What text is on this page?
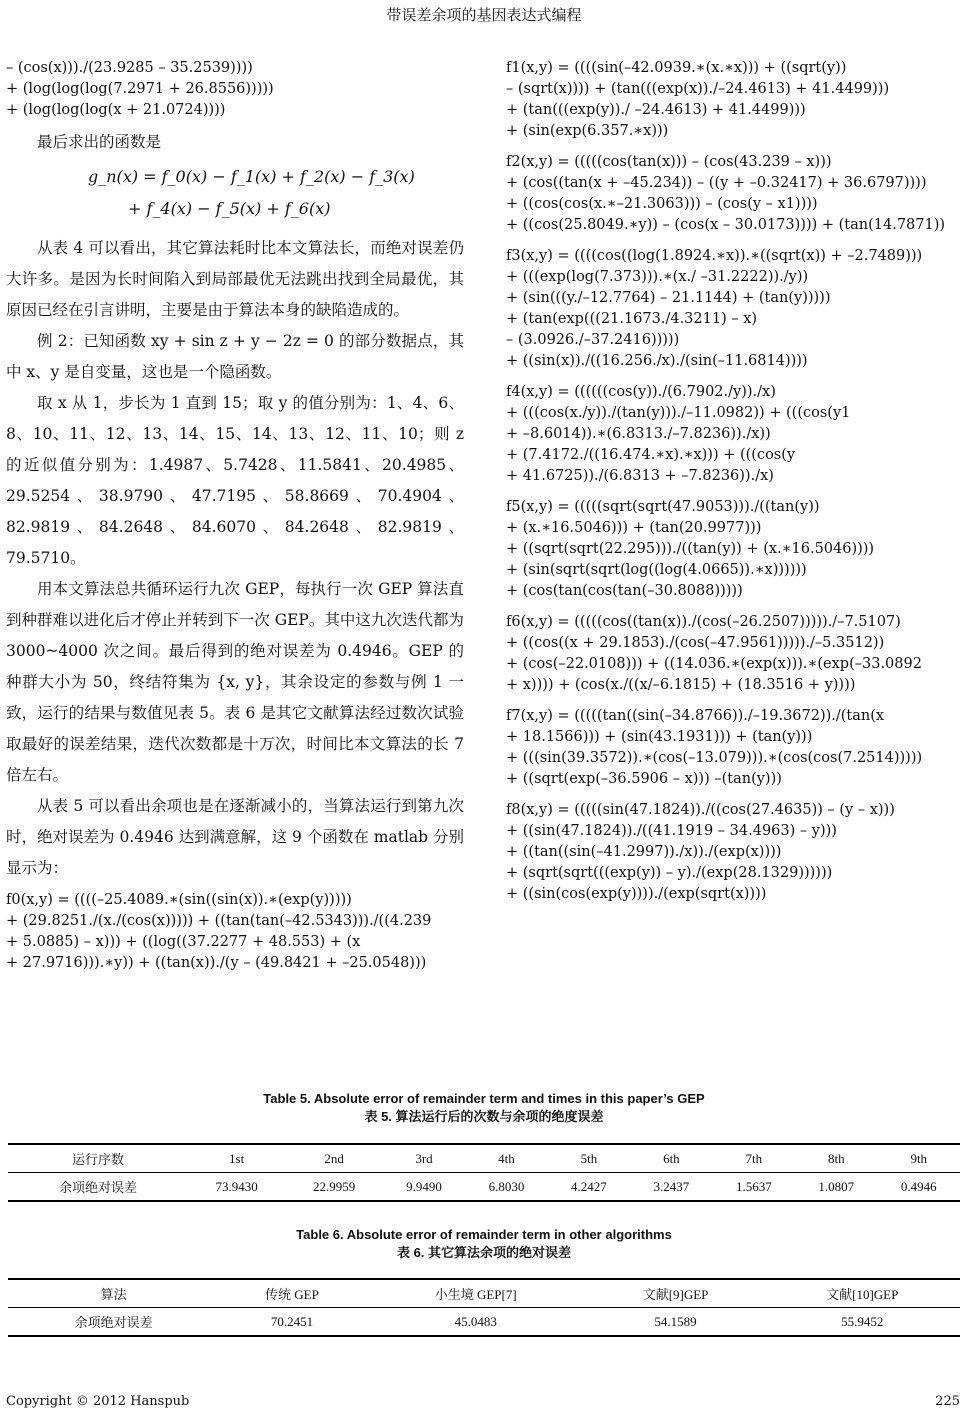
带误差余项的基因表达式编程
– (cos(x)))./(23.9285 – 35.2539))))
+ (log(log(log(7.2971 + 26.8556)))))
+ (log(log(log(x + 21.0724))))
最后求出的函数是
g_n(x) = f_0(x) − f_1(x) + f_2(x) − f_3(x)
+ f_4(x) − f_5(x) + f_6(x)

从表 4 可以看出，其它算法耗时比本文算法长，而绝对误差仍大许多。是因为长时间陷入到局部最优无法跳出找到全局最优，其原因已经在引言讲明，主要是由于算法本身的缺陷造成的。

例 2：已知函数 xy + sin z + y − 2z = 0 的部分数据点，其中 x、y 是自变量，这也是一个隐函数。

取 x 从 1，步长为 1 直到 15；取 y 的值分别为：1、4、6、8、10、11、12、13、14、15、14、13、12、11、10；则 z 的近似值分别为：1.4987、5.7428、11.5841、20.4985、29.5254、38.9790、47.7195、58.8669、70.4904、82.9819、84.2648、84.6070、84.2648、82.9819、79.5710。

用本文算法总共循环运行九次 GEP，每执行一次 GEP 算法直到种群难以进化后才停止并转到下一次 GEP。其中这九次迭代都为 3000~4000 次之间。最后得到的绝对误差为 0.4946。GEP 的种群大小为 50，终结符集为 {x, y}，其余设定的参数与例 1 一致，运行的结果与数值见表 5。表 6 是其它文献算法经过数次试验取最好的误差结果，迭代次数都是十万次，时间比本文算法的长 7 倍左右。

从表 5 可以看出余项也是在逐渐减小的，当算法运行到第九次时，绝对误差为 0.4946 达到满意解，这 9 个函数在 matlab 分别显示为：

f0(x,y) = ((((–25.4089.∗(sin((sin(x)).∗(exp(y)))))
+ (29.8251./(x./(cos(x))))) + ((tan(tan(–42.5343)))./((4.239
+ 5.0885) – x))) + ((log((37.2277 + 48.553) + (x
+ 27.9716))).∗y)) + ((tan(x))./(y – (49.8421 + –25.0548)))
f1(x,y) = ((((sin(–42.0939.∗(x.∗x))) + ((sqrt(y))
– (sqrt(x)))) + (tan(((exp(x))./–24.4613) + 41.4499)))
+ (tan(((exp(y))./ –24.4613) + 41.4499)))
+ (sin(exp(6.357.∗x)))
f2(x,y) = (((((cos(tan(x))) – (cos(43.239 – x)))
+ (cos((tan(x + –45.234)) – ((y + –0.32417) + 36.6797))))
+ ((cos(cos(x.∗–21.3063))) – (cos(y – x1))))
+ ((cos(25.8049.∗y)) – (cos(x – 30.0173)))) + (tan(14.7871))
f3(x,y) = ((((cos((log(1.8924.∗x)).∗((sqrt(x)) + –2.7489)))
+ (((exp(log(7.373))).∗(x./ –31.2222))./y))
+ (sin(((y./–12.7764) – 21.1144) + (tan(y)))))
+ (tan(exp(((21.1673./4.3211) – x)
– (3.0926./–37.2416)))))
+ ((sin(x))./((16.256./x)./(sin(–11.6814))))
f4(x,y) = ((((((cos(y))./(6.7902./y))./x)
+ (((cos(x./y))./(tan(y)))./–11.0982)) + (((cos(y1
+ –8.6014)).∗(6.8313./–7.8236))./x))
+ (7.4172./((16.474.∗x).∗x))) + (((cos(y
+ 41.6725))./(6.8313 + –7.8236))./x)
f5(x,y) = (((((sqrt(sqrt(47.9053)))./((tan(y))
+ (x.∗16.5046))) + (tan(20.9977)))
+ ((sqrt(sqrt(22.295)))./((tan(y)) + (x.∗16.5046))))
+ (sin(sqrt(sqrt(log((log(4.0665)).∗x))))))
+ (cos(tan(cos(tan(–30.8088)))))
f6(x,y) = (((((cos((tan(x))./(cos(–26.2507)))))./–7.5107)
+ ((cos((x + 29.1853)./(cos(–47.9561)))))./–5.3512))
+ (cos(–22.0108))) + ((14.036.∗(exp(x))).∗(exp(–33.0892
+ x)))) + (cos(x./((x/–6.1815) + (18.3516 + y))))
f7(x,y) = (((((tan((sin(–34.8766))./–19.3672))./(tan(x
+ 18.1566))) + (sin(43.1931))) + (tan(y)))
+ (((sin(39.3572)).∗(cos(–13.079))).∗(cos(cos(7.2514)))))
+ ((sqrt(exp(–36.5906 – x))) –(tan(y)))
f8(x,y) = (((((sin(47.1824))./((cos(27.4635)) – (y – x)))
+ ((sin(47.1824))./((41.1919 – 34.4963) – y)))
+ ((tan((sin(–41.2997))./x))./(exp(x))))
+ (sqrt(sqrt(((exp(y)) – y)./(exp(28.1329))))))
+ ((sin(cos(exp(y))))./(exp(sqrt(x))))
Table 5. Absolute error of remainder term and times in this paper’s GEP
表 5. 算法运行后的次数与余项的绝度误差
运行序数	1st	2nd	3rd	4th	5th	6th	7th	8th	9th
余项绝对误差	73.9430	22.9959	9.9490	6.8030	4.2427	3.2437	1.5637	1.0807	0.4946
Table 6. Absolute error of remainder term in other algorithms
表 6. 其它算法余项的绝对误差
算法	传统 GEP	小生境 GEP[7]	文献[9]GEP	文献[10]GEP
余项绝对误差	70.2451	45.0483	54.1589	55.9452
Copyright © 2012 Hanspub	225
